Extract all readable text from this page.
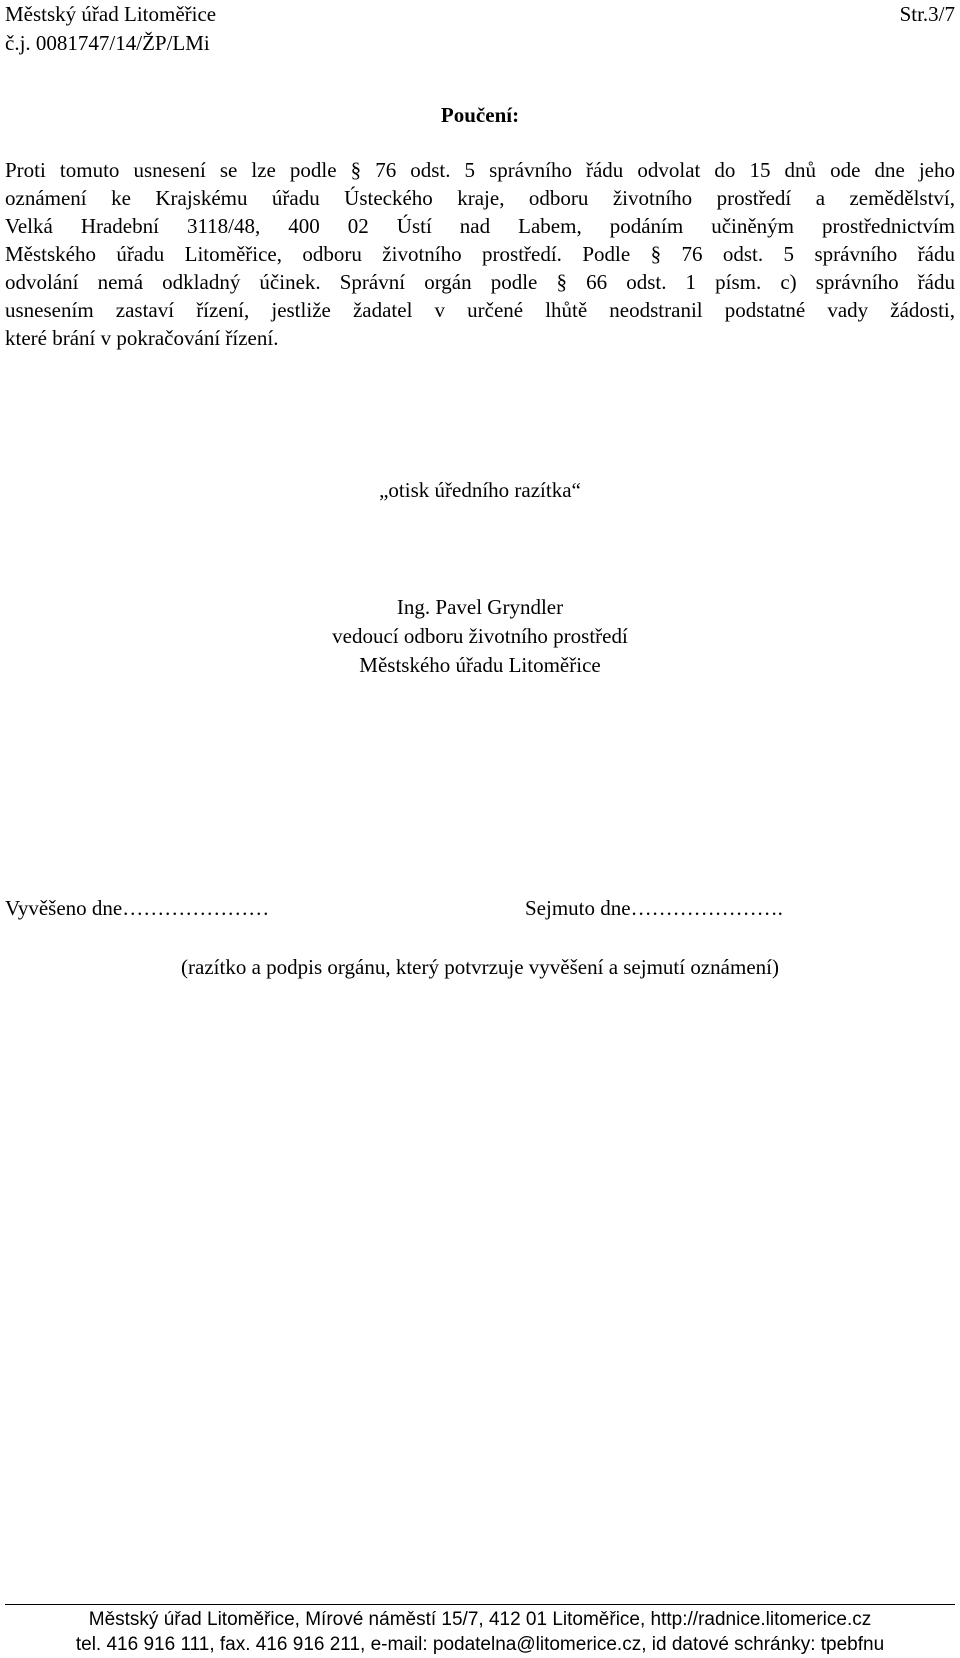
Městský úřad Litoměřice	Str.3/7
č.j. 0081747/14/ŽP/LMi
Poučení:
Proti tomuto usnesení se lze podle § 76 odst. 5 správního řádu odvolat do 15 dnů ode dne jeho
oznámení ke Krajskému úřadu Ústeckého kraje, odboru životního prostředí a zemědělství,
Velká Hradební 3118/48, 400 02 Ústí nad Labem, podáním učiněným prostřednictvím
Městského úřadu Litoměřice, odboru životního prostředí. Podle § 76 odst. 5 správního řádu
odvolání nemá odkladný účinek. Správní orgán podle § 66 odst. 1 písm. c) správního řádu
usnesením zastaví řízení, jestliže žadatel v určené lhůtě neodstranil podstatné vady žádosti,
které brání v pokračování řízení.
„otisk úředního razítka“
Ing. Pavel Gryndler
vedoucí odboru životního prostředí
Městského úřadu Litoměřice
Vyvěšeno dne…………………	Sejmuto dne………………….
(razítko a podpis orgánu, který potvrzuje vyvěšení a sejmutí oznámení)
Městský úřad Litoměřice, Mírové náměstí 15/7, 412 01 Litoměřice, http://radnice.litomerice.cz
tel. 416 916 111, fax. 416 916 211, e-mail: podatelna@litomerice.cz, id datové schránky: tpebfnu
